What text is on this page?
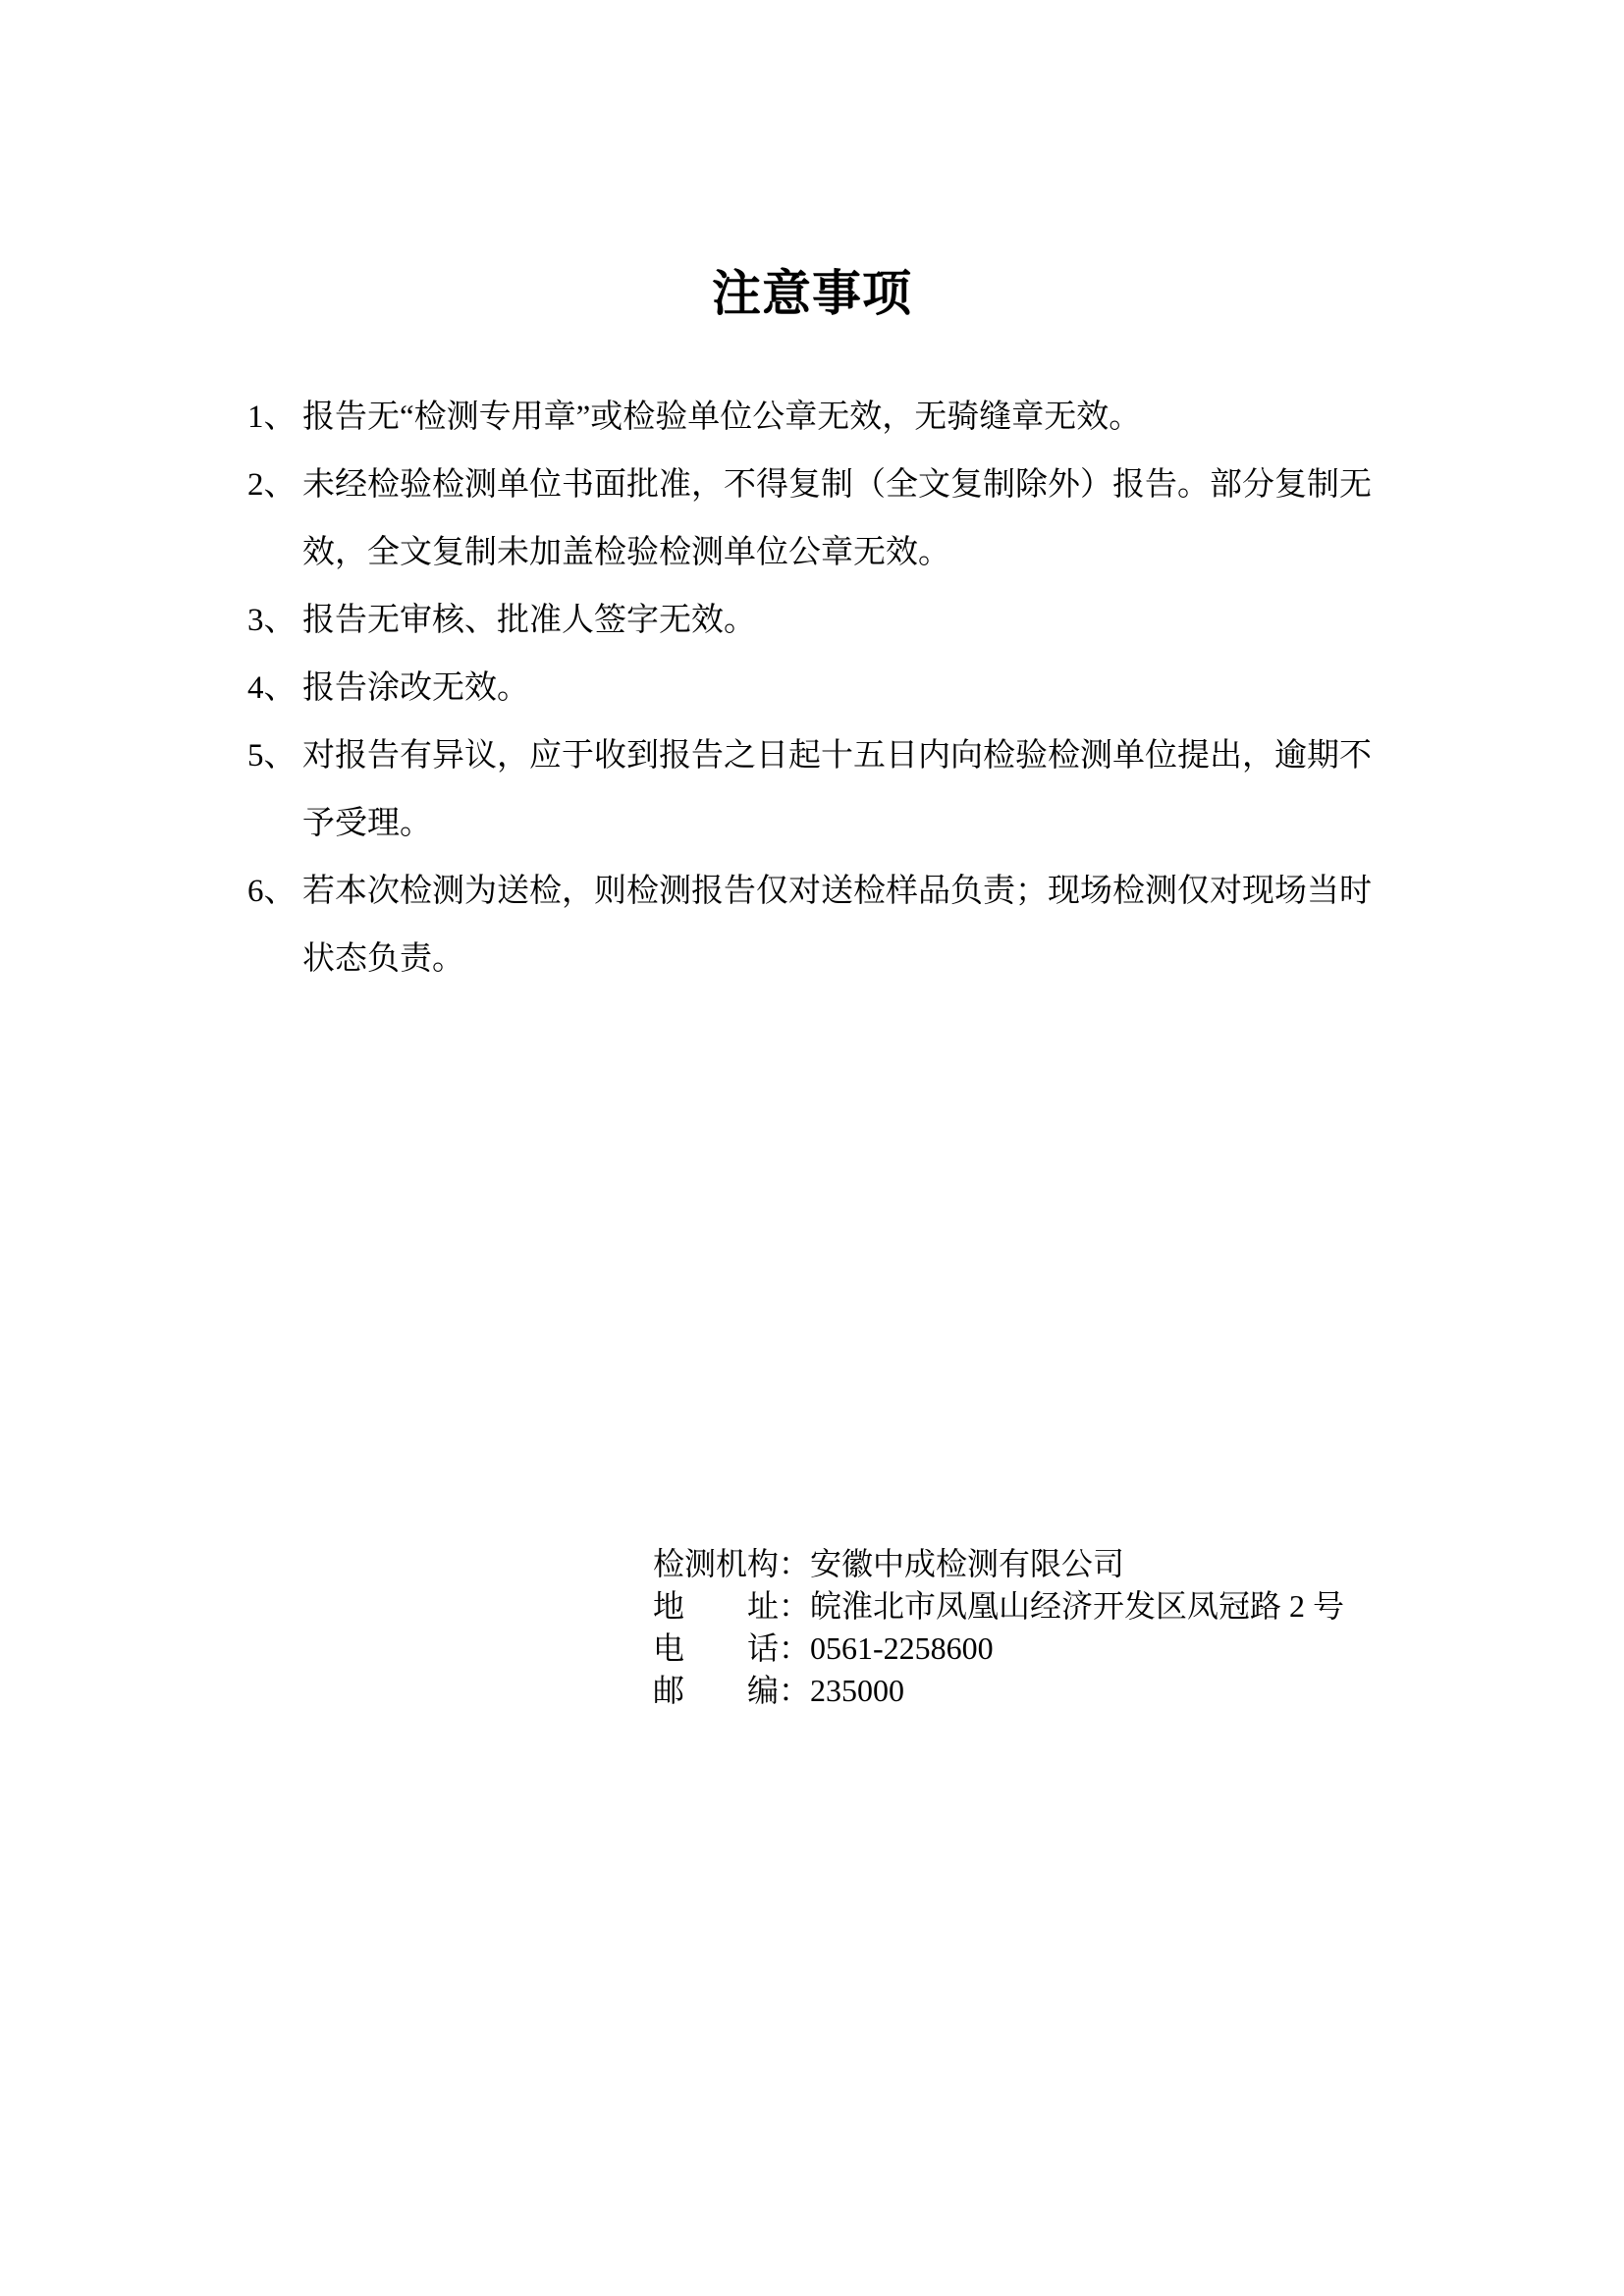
注意事项
1、 报告无“检测专用章”或检验单位公章无效，无骑缝章无效。
2、 未经检验检测单位书面批准，不得复制（全文复制除外）报告。部分复制无
效，全文复制未加盖检验检测单位公章无效。
3、 报告无审核、批准人签字无效。
4、 报告涂改无效。
5、 对报告有异议，应于收到报告之日起十五日内向检验检测单位提出，逾期不
予受理。
6、 若本次检测为送检，则检测报告仅对送检样品负责；现场检测仅对现场当时
状态负责。
检测机构：安徽中成检测有限公司
地　　址：皖淮北市凤凰山经济开发区凤冠路 2 号
电　　话：0561-2258600
邮　　编：235000
